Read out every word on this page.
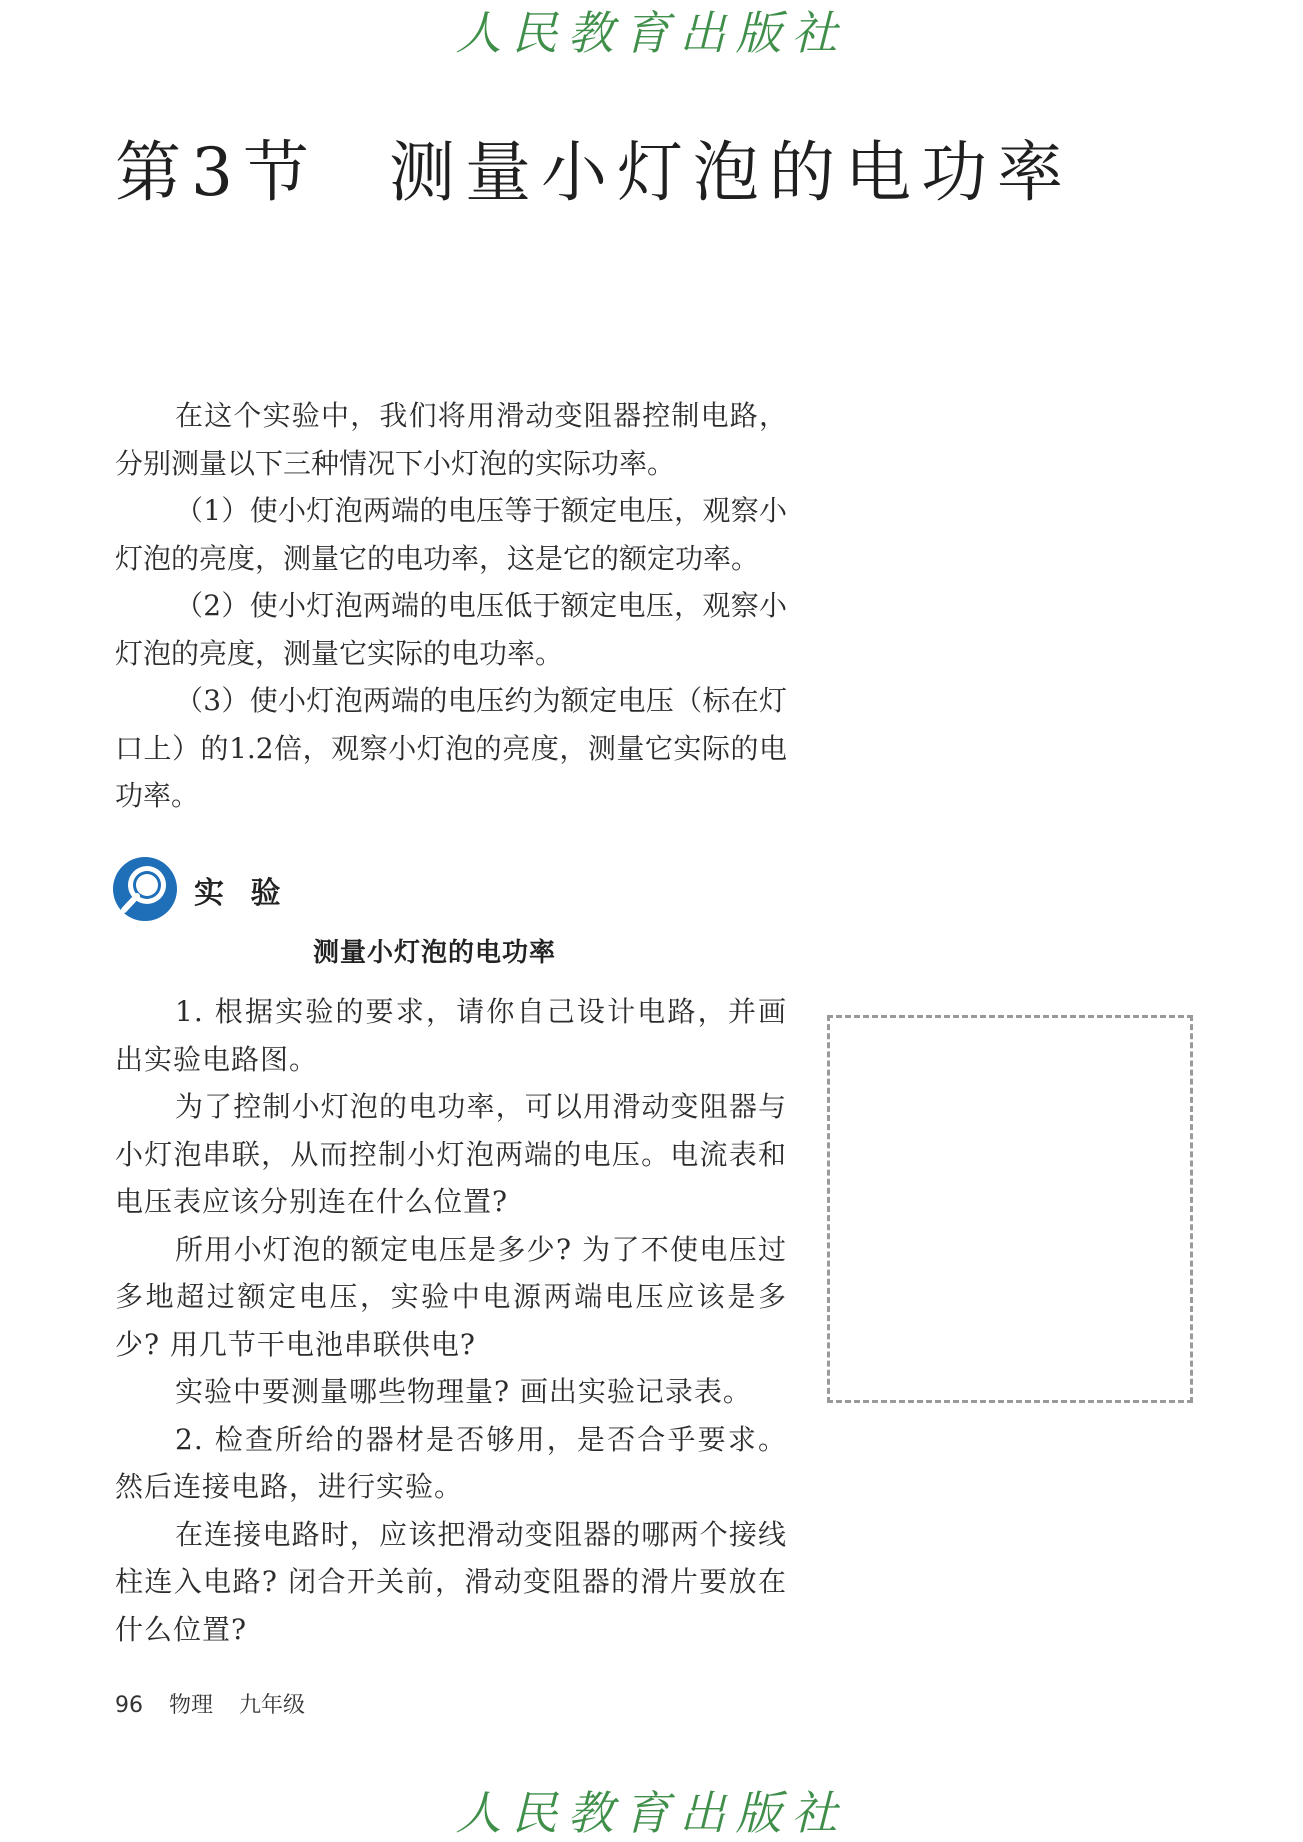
人民教育出版社
第3节 测量小灯泡的电功率

在这个实验中，我们将用滑动变阻器控制电路，分别测量以下三种情况下小灯泡的实际功率。

（1）使小灯泡两端的电压等于额定电压，观察小灯泡的亮度，测量它的电功率，这是它的额定功率。

（2）使小灯泡两端的电压低于额定电压，观察小灯泡的亮度，测量它实际的电功率。

（3）使小灯泡两端的电压约为额定电压（标在灯口上）的1.2倍，观察小灯泡的亮度，测量它实际的电功率。

实 验
测量小灯泡的电功率

1. 根据实验的要求，请你自己设计电路，并画出实验电路图。

为了控制小灯泡的电功率，可以用滑动变阻器与小灯泡串联，从而控制小灯泡两端的电压。电流表和电压表应该分别连在什么位置?

所用小灯泡的额定电压是多少? 为了不使电压过多地超过额定电压，实验中电源两端电压应该是多少? 用几节干电池串联供电?

实验中要测量哪些物理量? 画出实验记录表。

2. 检查所给的器材是否够用，是否合乎要求。然后连接电路，进行实验。

在连接电路时，应该把滑动变阻器的哪两个接线柱连入电路? 闭合开关前，滑动变阻器的滑片要放在什么位置?

96 物理 九年级
人民教育出版社
